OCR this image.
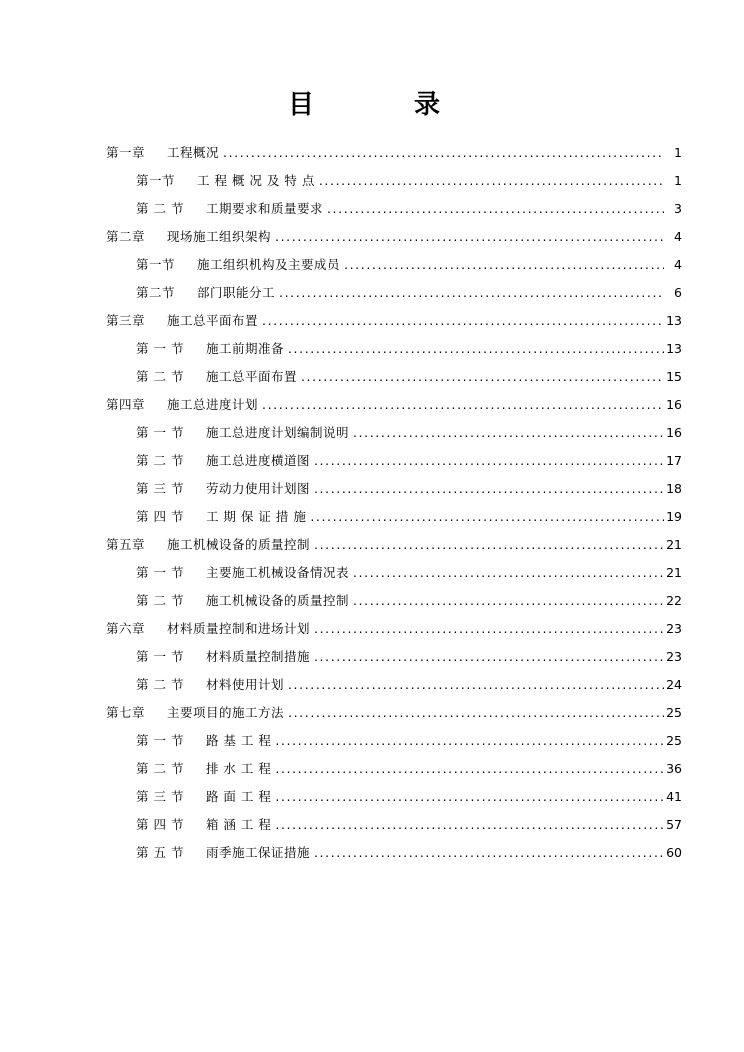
目　　录
第一章 工程概况 .....	1
第一节 工 程 概 况 及 特 点 .....	1
第 二 节 工期要求和质量要求 .....	3
第二章 现场施工组织架构 .....	4
第一节 施工组织机构及主要成员 .....	4
第二节 部门职能分工 .....	6
第三章 施工总平面布置 .....	13
第 一 节 施工前期准备 .....	13
第 二 节 施工总平面布置 .....	15
第四章 施工总进度计划 .....	16
第 一 节 施工总进度计划编制说明 .....	16
第 二 节 施工总进度横道图 .....	17
第 三 节 劳动力使用计划图 .....	18
第 四 节 工 期 保 证 措 施 .....	19
第五章 施工机械设备的质量控制 .....	21
第 一 节 主要施工机械设备情况表 .....	21
第 二 节 施工机械设备的质量控制 .....	22
第六章 材料质量控制和进场计划 .....	23
第 一 节 材料质量控制措施 .....	23
第 二 节 材料使用计划 .....	24
第七章 主要项目的施工方法 .....	25
第 一 节 路 基 工 程 .....	25
第 二 节 排 水 工 程 .....	36
第 三 节 路 面 工 程 .....	41
第 四 节 箱 涵 工 程 .....	57
第 五 节 雨季施工保证措施 .....	60
